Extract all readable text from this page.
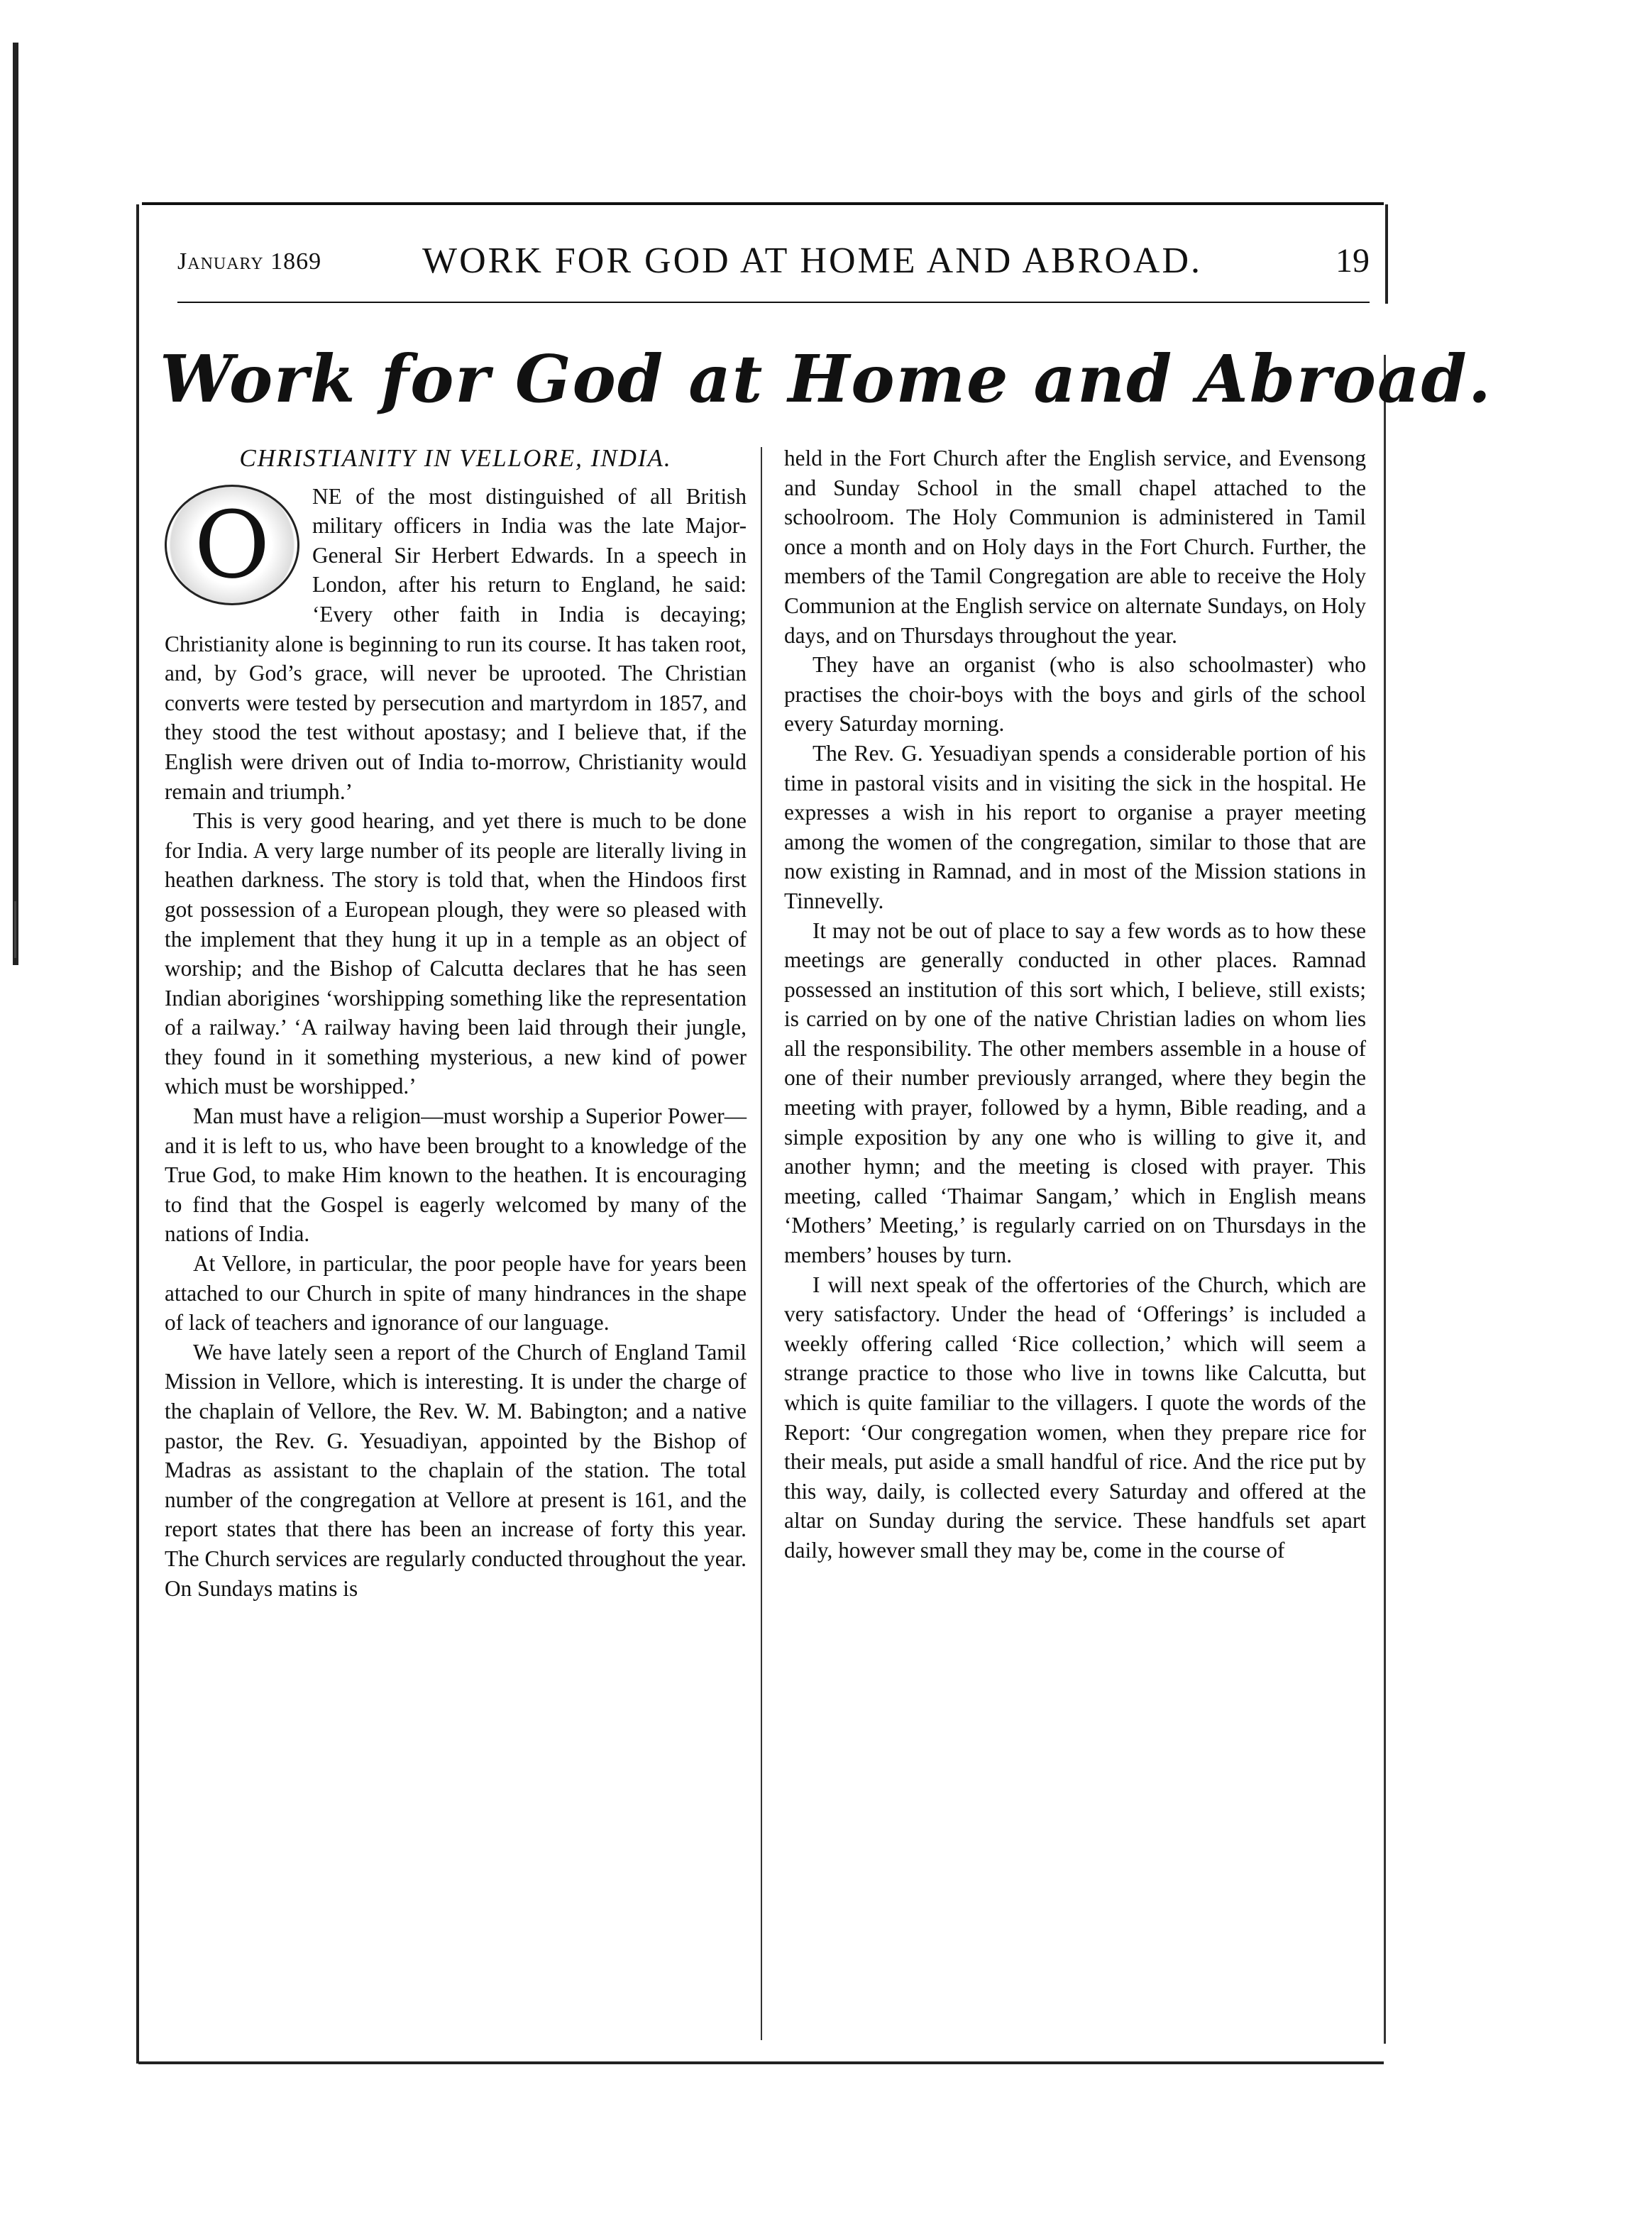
January 1869	WORK FOR GOD AT HOME AND ABROAD.	19
Work for God at Home and Abroad.
CHRISTIANITY IN VELLORE, INDIA.
O	NE of the most distinguished of all British military officers in India was the late Major-General Sir Herbert Edwards. In a speech in London, after his return to England, he said: ‘Every other faith in India is decaying; Christianity alone is beginning to run its course. It has taken root, and, by God’s grace, will never be uprooted. The Christian converts were tested by persecution and martyrdom in 1857, and they stood the test without apostasy; and I believe that, if the English were driven out of India to-morrow, Christianity would remain and triumph.’

This is very good hearing, and yet there is much to be done for India. A very large number of its people are literally living in heathen darkness. The story is told that, when the Hindoos first got possession of a European plough, they were so pleased with the implement that they hung it up in a temple as an object of worship; and the Bishop of Calcutta declares that he has seen Indian aborigines ‘worshipping something like the representation of a railway.’ ‘A railway having been laid through their jungle, they found in it something mysterious, a new kind of power which must be worshipped.’

Man must have a religion—must worship a Superior Power—and it is left to us, who have been brought to a knowledge of the True God, to make Him known to the heathen. It is encouraging to find that the Gospel is eagerly welcomed by many of the nations of India.

At Vellore, in particular, the poor people have for years been attached to our Church in spite of many hindrances in the shape of lack of teachers and ignorance of our language.

We have lately seen a report of the Church of England Tamil Mission in Vellore, which is interesting. It is under the charge of the chaplain of Vellore, the Rev. W. M. Babington; and a native pastor, the Rev. G. Yesuadiyan, appointed by the Bishop of Madras as assistant to the chaplain of the station. The total number of the congregation at Vellore at present is 161, and the report states that there has been an increase of forty this year. The Church services are regularly conducted throughout the year. On Sundays matins is

held in the Fort Church after the English service, and Evensong and Sunday School in the small chapel attached to the schoolroom. The Holy Communion is administered in Tamil once a month and on Holy days in the Fort Church. Further, the members of the Tamil Congregation are able to receive the Holy Communion at the English service on alternate Sundays, on Holy days, and on Thursdays throughout the year.

They have an organist (who is also schoolmaster) who practises the choir-boys with the boys and girls of the school every Saturday morning.

The Rev. G. Yesuadiyan spends a considerable portion of his time in pastoral visits and in visiting the sick in the hospital. He expresses a wish in his report to organise a prayer meeting among the women of the congregation, similar to those that are now existing in Ramnad, and in most of the Mission stations in Tinnevelly.

It may not be out of place to say a few words as to how these meetings are generally conducted in other places. Ramnad possessed an institution of this sort which, I believe, still exists; is carried on by one of the native Christian ladies on whom lies all the responsibility. The other members assemble in a house of one of their number previously arranged, where they begin the meeting with prayer, followed by a hymn, Bible reading, and a simple exposition by any one who is willing to give it, and another hymn; and the meeting is closed with prayer. This meeting, called ‘Thaimar Sangam,’ which in English means ‘Mothers’ Meeting,’ is regularly carried on on Thursdays in the members’ houses by turn.

I will next speak of the offertories of the Church, which are very satisfactory. Under the head of ‘Offerings’ is included a weekly offering called ‘Rice collection,’ which will seem a strange practice to those who live in towns like Calcutta, but which is quite familiar to the villagers. I quote the words of the Report: ‘Our congregation women, when they prepare rice for their meals, put aside a small handful of rice. And the rice put by this way, daily, is collected every Saturday and offered at the altar on Sunday during the service. These handfuls set apart daily, however small they may be, come in the course of
